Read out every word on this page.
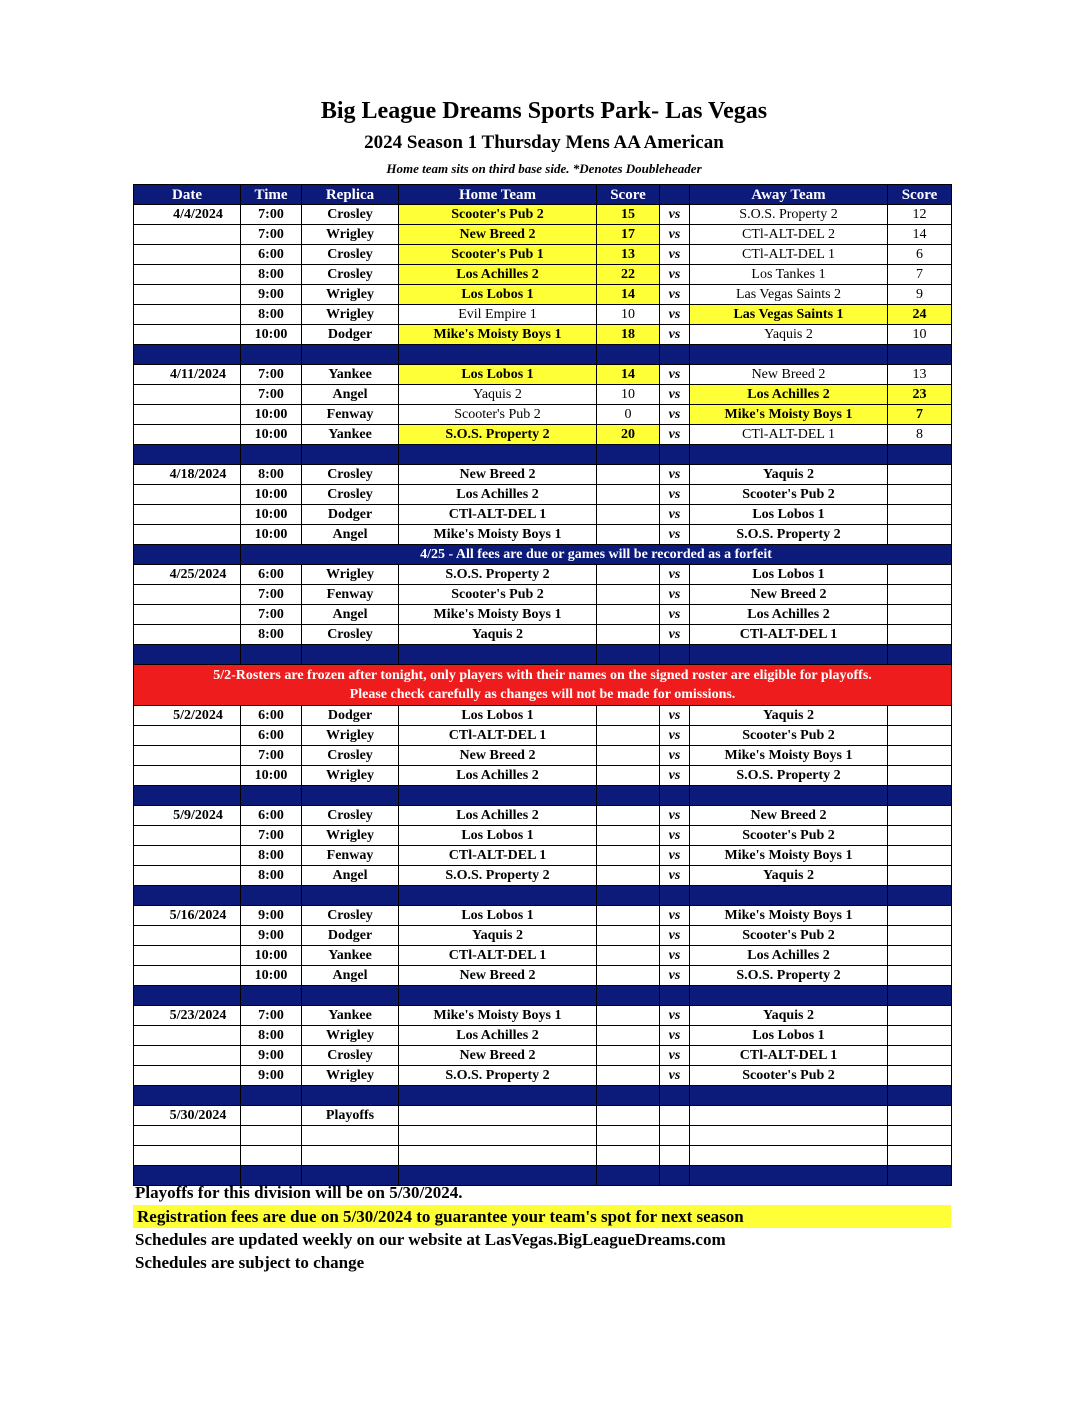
Big League Dreams Sports Park- Las Vegas
2024 Season 1 Thursday Mens AA American
Home team sits on third base side. *Denotes Doubleheader
Date	Time	Replica	Home Team	Score		Away Team	Score
4/4/2024	7:00	Crosley	Scooter's Pub 2	15	vs	S.O.S. Property 2	12
	7:00	Wrigley	New Breed 2	17	vs	CTl-ALT-DEL 2	14
	6:00	Crosley	Scooter's Pub 1	13	vs	CTl-ALT-DEL 1	6
	8:00	Crosley	Los Achilles 2	22	vs	Los Tankes 1	7
	9:00	Wrigley	Los Lobos 1	14	vs	Las Vegas Saints 2	9
	8:00	Wrigley	Evil Empire 1	10	vs	Las Vegas Saints 1	24
	10:00	Dodger	Mike's Moisty Boys 1	18	vs	Yaquis 2	10

4/11/2024	7:00	Yankee	Los Lobos 1	14	vs	New Breed 2	13
	7:00	Angel	Yaquis 2	10	vs	Los Achilles 2	23
	10:00	Fenway	Scooter's Pub 2	0	vs	Mike's Moisty Boys 1	7
	10:00	Yankee	S.O.S. Property 2	20	vs	CTl-ALT-DEL 1	8

4/18/2024	8:00	Crosley	New Breed 2		vs	Yaquis 2	
	10:00	Crosley	Los Achilles 2		vs	Scooter's Pub 2	
	10:00	Dodger	CTl-ALT-DEL 1		vs	Los Lobos 1	
	10:00	Angel	Mike's Moisty Boys 1		vs	S.O.S. Property 2	
	4/25 - All fees are due or games will be recorded as a forfeit						
4/25/2024	6:00	Wrigley	S.O.S. Property 2		vs	Los Lobos 1	
	7:00	Fenway	Scooter's Pub 2		vs	New Breed 2	
	7:00	Angel	Mike's Moisty Boys 1		vs	Los Achilles 2	
	8:00	Crosley	Yaquis 2		vs	CTl-ALT-DEL 1	

5/2-Rosters are frozen after tonight, only players with their names on the signed roster are eligible for playoffs.
Please check carefully as changes will not be made for omissions.							

5/2/2024	6:00	Dodger	Los Lobos 1		vs	Yaquis 2	
	6:00	Wrigley	CTl-ALT-DEL 1		vs	Scooter's Pub 2	
	7:00	Crosley	New Breed 2		vs	Mike's Moisty Boys 1	
	10:00	Wrigley	Los Achilles 2		vs	S.O.S. Property 2	

5/9/2024	6:00	Crosley	Los Achilles 2		vs	New Breed 2	
	7:00	Wrigley	Los Lobos 1		vs	Scooter's Pub 2	
	8:00	Fenway	CTl-ALT-DEL 1		vs	Mike's Moisty Boys 1	
	8:00	Angel	S.O.S. Property 2		vs	Yaquis 2	

5/16/2024	9:00	Crosley	Los Lobos 1		vs	Mike's Moisty Boys 1	
	9:00	Dodger	Yaquis 2		vs	Scooter's Pub 2	
	10:00	Yankee	CTl-ALT-DEL 1		vs	Los Achilles 2	
	10:00	Angel	New Breed 2		vs	S.O.S. Property 2	

5/23/2024	7:00	Yankee	Mike's Moisty Boys 1		vs	Yaquis 2	
	8:00	Wrigley	Los Achilles 2		vs	Los Lobos 1	
	9:00	Crosley	New Breed 2		vs	CTl-ALT-DEL 1	
	9:00	Wrigley	S.O.S. Property 2		vs	Scooter's Pub 2	

5/30/2024		Playoffs					

Playoffs for this division will be on 5/30/2024.
Registration fees are due on 5/30/2024 to guarantee your team's spot for next season
Schedules are updated weekly on our website at LasVegas.BigLeagueDreams.com
Schedules are subject to change
